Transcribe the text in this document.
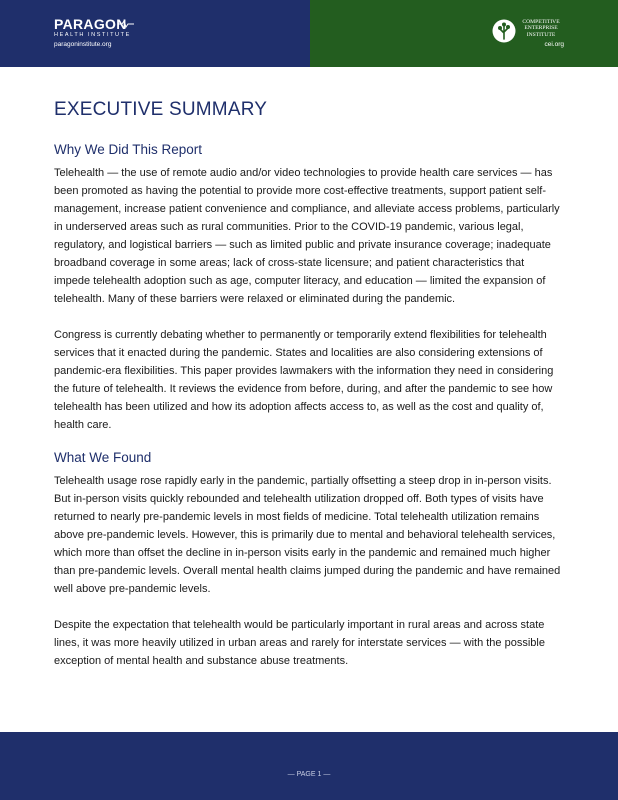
PARAGON
HEALTH INSTITUTE
paragoninstitute.org
COMPETITIVE
ENTERPRISE
INSTITUTE
cei.org
EXECUTIVE SUMMARY
Why We Did This Report

Telehealth — the use of remote audio and/or video technologies to provide health care services — has been promoted as having the potential to provide more cost-effective treatments, support patient self-management, increase patient convenience and compliance, and alleviate access problems, particularly in underserved areas such as rural communities. Prior to the COVID-19 pandemic, various legal, regulatory, and logistical barriers — such as limited public and private insurance coverage; inadequate broadband coverage in some areas; lack of cross-state licensure; and patient characteristics that impede telehealth adoption such as age, computer literacy, and education — limited the expansion of telehealth. Many of these barriers were relaxed or eliminated during the pandemic.

Congress is currently debating whether to permanently or temporarily extend flexibilities for telehealth services that it enacted during the pandemic. States and localities are also considering extensions of pandemic-era flexibilities. This paper provides lawmakers with the information they need in considering the future of telehealth. It reviews the evidence from before, during, and after the pandemic to see how telehealth has been utilized and how its adoption affects access to, as well as the cost and quality of, health care.

What We Found

Telehealth usage rose rapidly early in the pandemic, partially offsetting a steep drop in in-person visits. But in-person visits quickly rebounded and telehealth utilization dropped off. Both types of visits have returned to nearly pre-pandemic levels in most fields of medicine. Total telehealth utilization remains above pre-pandemic levels. However, this is primarily due to mental and behavioral telehealth services, which more than offset the decline in in-person visits early in the pandemic and remained much higher than pre-pandemic levels. Overall mental health claims jumped during the pandemic and have remained well above pre-pandemic levels.

Despite the expectation that telehealth would be particularly important in rural areas and across state lines, it was more heavily utilized in urban areas and rarely for interstate services — with the possible exception of mental health and substance abuse treatments.

— PAGE 1 —
